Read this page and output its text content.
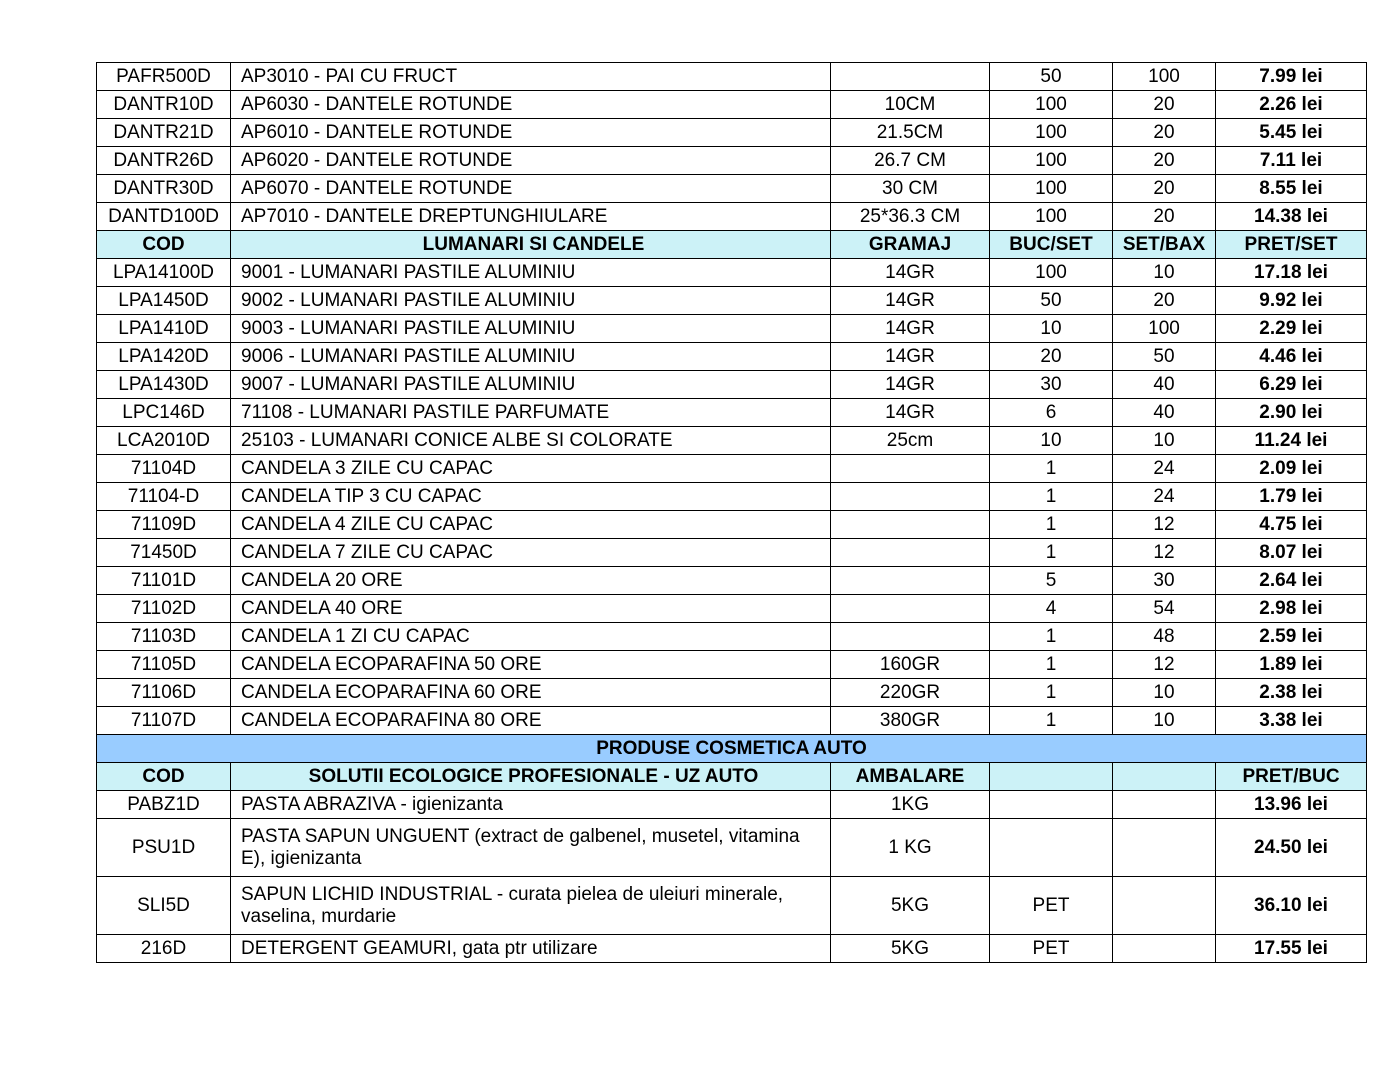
PAFR500D	AP3010 - PAI CU FRUCT		50	100	7.99 lei
DANTR10D	AP6030 - DANTELE ROTUNDE	10CM	100	20	2.26 lei
DANTR21D	AP6010 - DANTELE ROTUNDE	21.5CM	100	20	5.45 lei
DANTR26D	AP6020 - DANTELE ROTUNDE	26.7 CM	100	20	7.11 lei
DANTR30D	AP6070 - DANTELE ROTUNDE	30 CM	100	20	8.55 lei
DANTD100D	AP7010 - DANTELE DREPTUNGHIULARE	25*36.3 CM	100	20	14.38 lei
COD	LUMANARI SI CANDELE	GRAMAJ	BUC/SET	SET/BAX	PRET/SET
LPA14100D	9001 - LUMANARI PASTILE ALUMINIU	14GR	100	10	17.18 lei
LPA1450D	9002 - LUMANARI PASTILE ALUMINIU	14GR	50	20	9.92 lei
LPA1410D	9003 - LUMANARI PASTILE ALUMINIU	14GR	10	100	2.29 lei
LPA1420D	9006 - LUMANARI PASTILE ALUMINIU	14GR	20	50	4.46 lei
LPA1430D	9007 - LUMANARI PASTILE ALUMINIU	14GR	30	40	6.29 lei
LPC146D	71108 - LUMANARI PASTILE PARFUMATE	14GR	6	40	2.90 lei
LCA2010D	25103 - LUMANARI CONICE ALBE SI COLORATE	25cm	10	10	11.24 lei
71104D	CANDELA 3 ZILE CU CAPAC		1	24	2.09 lei
71104-D	CANDELA TIP 3 CU CAPAC		1	24	1.79 lei
71109D	CANDELA 4 ZILE CU CAPAC		1	12	4.75 lei
71450D	CANDELA 7 ZILE CU CAPAC		1	12	8.07 lei
71101D	CANDELA 20 ORE		5	30	2.64 lei
71102D	CANDELA 40 ORE		4	54	2.98 lei
71103D	CANDELA 1 ZI CU CAPAC		1	48	2.59 lei
71105D	CANDELA ECOPARAFINA 50 ORE	160GR	1	12	1.89 lei
71106D	CANDELA ECOPARAFINA 60 ORE	220GR	1	10	2.38 lei
71107D	CANDELA ECOPARAFINA 80 ORE	380GR	1	10	3.38 lei
PRODUSE COSMETICA AUTO					
COD	SOLUTII ECOLOGICE PROFESIONALE - UZ AUTO	AMBALARE			PRET/BUC
PABZ1D	PASTA ABRAZIVA - igienizanta	1KG			13.96 lei
PSU1D	PASTA SAPUN UNGUENT (extract de galbenel, musetel, vitamina E), igienizanta	1 KG			24.50 lei
SLI5D	SAPUN LICHID INDUSTRIAL - curata pielea de uleiuri minerale, vaselina, murdarie	5KG	PET		36.10 lei
216D	DETERGENT GEAMURI, gata ptr utilizare	5KG	PET		17.55 lei
